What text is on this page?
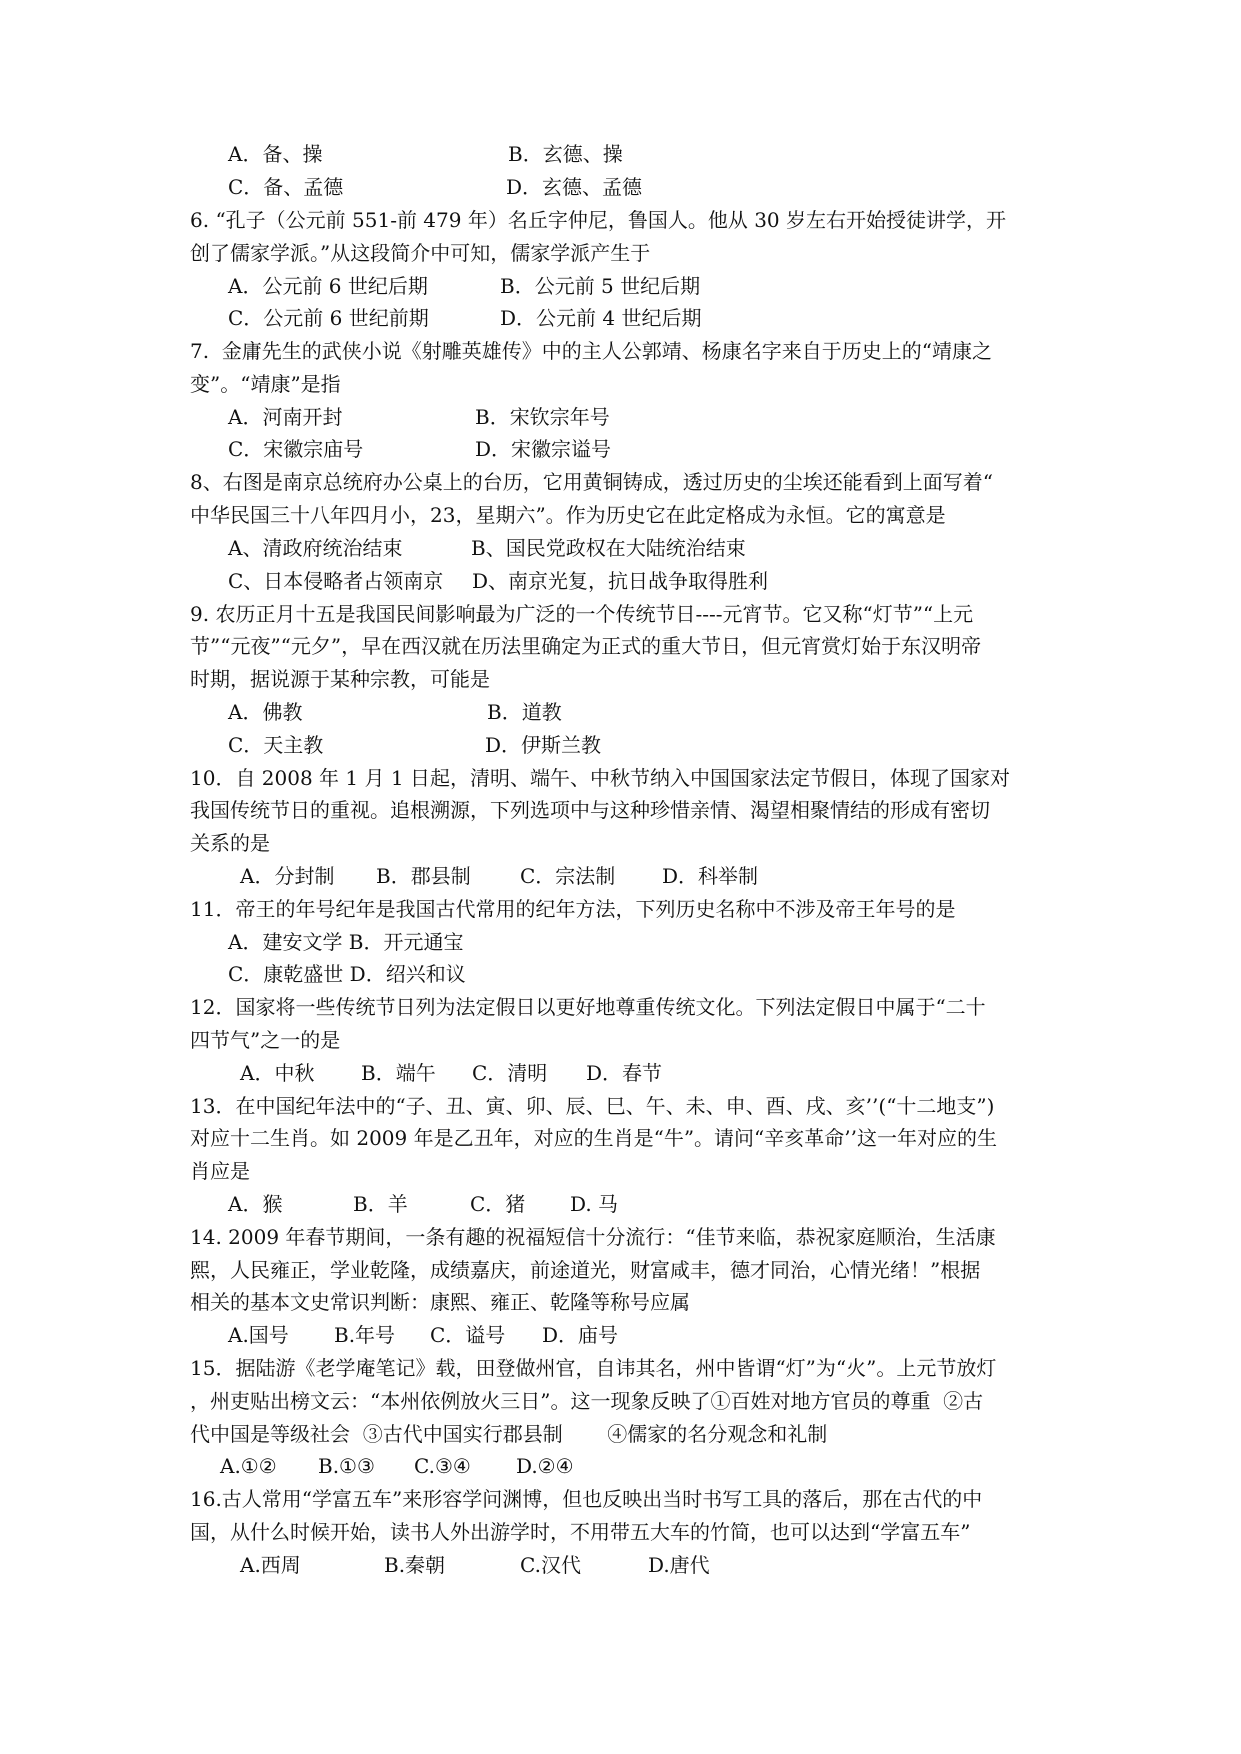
A．备、操	B．玄德、操
C．备、孟德	D．玄德、孟德
6. “孔子（公元前 551-前 479 年）名丘字仲尼，鲁国人。他从 30 岁左右开始授徒讲学，开
创了儒家学派。”从这段简介中可知，儒家学派产生于
A．公元前 6 世纪后期	B．公元前 5 世纪后期
C．公元前 6 世纪前期	D．公元前 4 世纪后期
7.  金庸先生的武侠小说《射雕英雄传》中的主人公郭靖、杨康名字来自于历史上的“靖康之
变”。“靖康”是指
A．河南开封	B．宋钦宗年号
C．宋徽宗庙号	D．宋徽宗谥号
8、右图是南京总统府办公桌上的台历，它用黄铜铸成，透过历史的尘埃还能看到上面写着“
中华民国三十八年四月小，23，星期六”。作为历史它在此定格成为永恒。它的寓意是
A、清政府统治结束	B、国民党政权在大陆统治结束
C、日本侵略者占领南京 D、南京光复，抗日战争取得胜利
9. 农历正月十五是我国民间影响最为广泛的一个传统节日----元宵节。它又称“灯节”“上元
节”“元夜”“元夕”，早在西汉就在历法里确定为正式的重大节日，但元宵赏灯始于东汉明帝
时期，据说源于某种宗教，可能是
A．佛教	B．道教
C．天主教	D．伊斯兰教
10．自 2008 年 1 月 1 日起，清明、端午、中秋节纳入中国国家法定节假日，体现了国家对
我国传统节日的重视。追根溯源，下列选项中与这种珍惜亲情、渴望相聚情结的形成有密切
关系的是
A．分封制 B．郡县制 C．宗法制 D．科举制
11．帝王的年号纪年是我国古代常用的纪年方法，下列历史名称中不涉及帝王年号的是
A．建安文学 B．开元通宝
C．康乾盛世 D．绍兴和议
12．国家将一些传统节日列为法定假日以更好地尊重传统文化。下列法定假日中属于“二十
四节气”之一的是
A．中秋 B．端午 C．清明 D．春节
13．在中国纪年法中的“子、丑、寅、卯、辰、巳、午、未、申、酉、戌、亥’’(“十二地支”)
对应十二生肖。如 2009 年是乙丑年，对应的生肖是“牛”。请问“辛亥革命’’这一年对应的生
肖应是
A．猴	B．羊	C．猪 D. 马
14. 2009 年春节期间，一条有趣的祝福短信十分流行：“佳节来临，恭祝家庭顺治，生活康
熙，人民雍正，学业乾隆，成绩嘉庆，前途道光，财富咸丰，德才同治，心情光绪！”根据
相关的基本文史常识判断：康熙、雍正、乾隆等称号应属
A.国号 B.年号 C．谥号 D．庙号
15．据陆游《老学庵笔记》载，田登做州官，自讳其名，州中皆谓“灯”为“火”。上元节放灯
，州吏贴出榜文云：“本州依例放火三日”。这一现象反映了①百姓对地方官员的尊重  ②古
代中国是等级社会  ③古代中国实行郡县制       ④儒家的名分观念和礼制
A.①② B.①③ C.③④ D.②④
16.古人常用“学富五车”来形容学问渊博，但也反映出当时书写工具的落后，那在古代的中
国，从什么时候开始，读书人外出游学时，不用带五大车的竹简，也可以达到“学富五车”
A.西周	B.秦朝	C.汉代	D.唐代
